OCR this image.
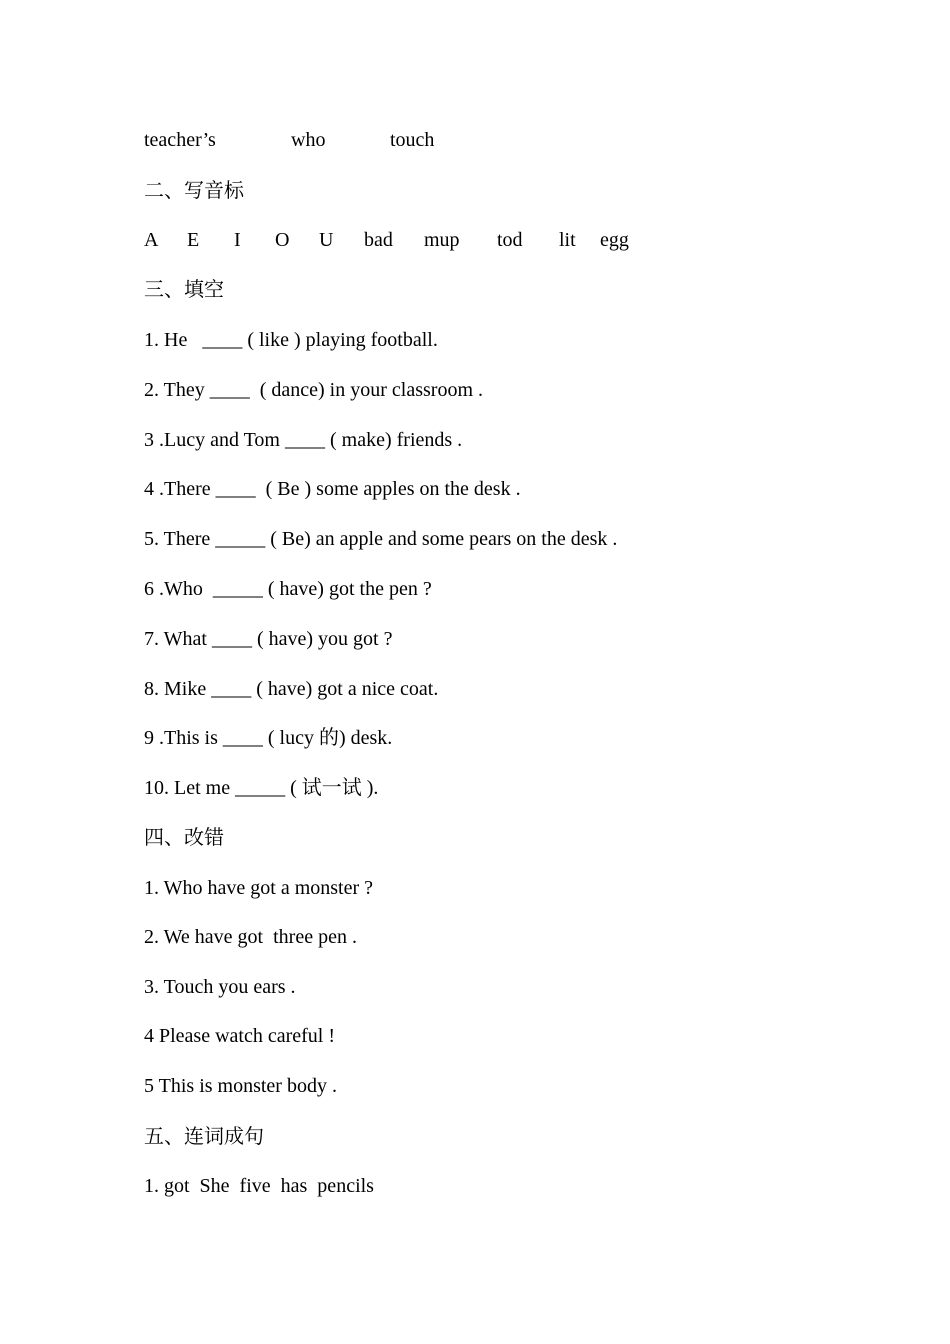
teacher’s

	who

	touch

二、写音标

A

E

I

O

U

bad

mup

tod

lit

egg

三、填空
1. He   ____ ( like ) playing football.
2. They ____  ( dance) in your classroom .
3 .Lucy and Tom ____ ( make) friends .
4 .There ____  ( Be ) some apples on the desk .
5. There _____ ( Be) an apple and some pears on the desk .
6 .Who  _____ ( have) got the pen ?
7. What ____ ( have) you got ?
8. Mike ____ ( have) got a nice coat.
9 .This is ____ ( lucy 的) desk.
10. Let me _____ ( 试一试 ).
四、改错
1. Who have got a monster ?
2. We have got  three pen .
3. Touch you ears .
4 Please watch careful !
5 This is monster body .
五、连词成句
1. got  She  five  has  pencils
